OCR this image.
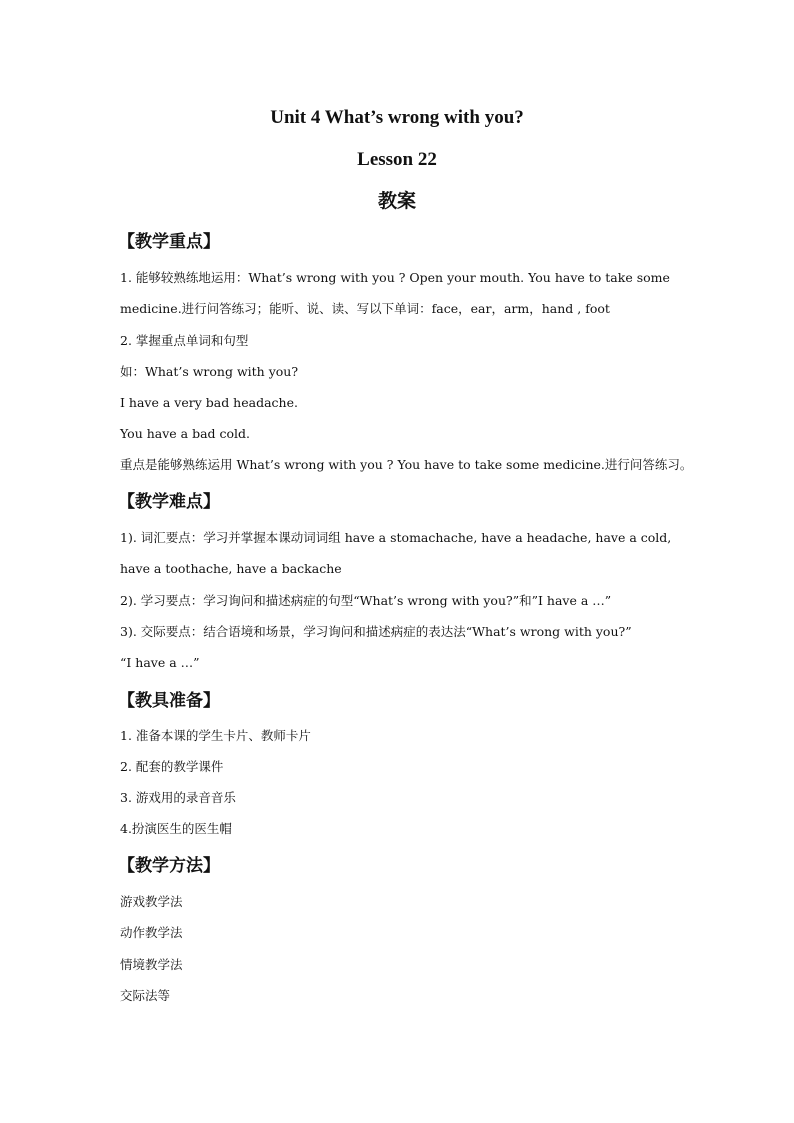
Unit 4 What’s wrong with you?
Lesson 22
教案
【教学重点】

1. 能够较熟练地运用：What’s wrong with you ? Open your mouth. You have to take some

medicine.进行问答练习；能听、说、读、写以下单词：face，ear，arm，hand , foot

2. 掌握重点单词和句型

如：What’s wrong with you?

I have a very bad headache.

You have a bad cold.

重点是能够熟练运用 What’s wrong with you ? You have to take some medicine.进行问答练习。

【教学难点】

1). 词汇要点：学习并掌握本课动词词组 have a stomachache, have a headache, have a cold,

have a toothache, have a backache

2). 学习要点：学习询问和描述病症的句型“What’s wrong with you?”和”I have a …”

3). 交际要点：结合语境和场景，学习询问和描述病症的表达法“What’s wrong with you?”

“I have a …”

【教具准备】

1. 准备本课的学生卡片、教师卡片

2. 配套的教学课件

3. 游戏用的录音音乐

4.扮演医生的医生帽

【教学方法】

游戏教学法

动作教学法

情境教学法

交际法等
